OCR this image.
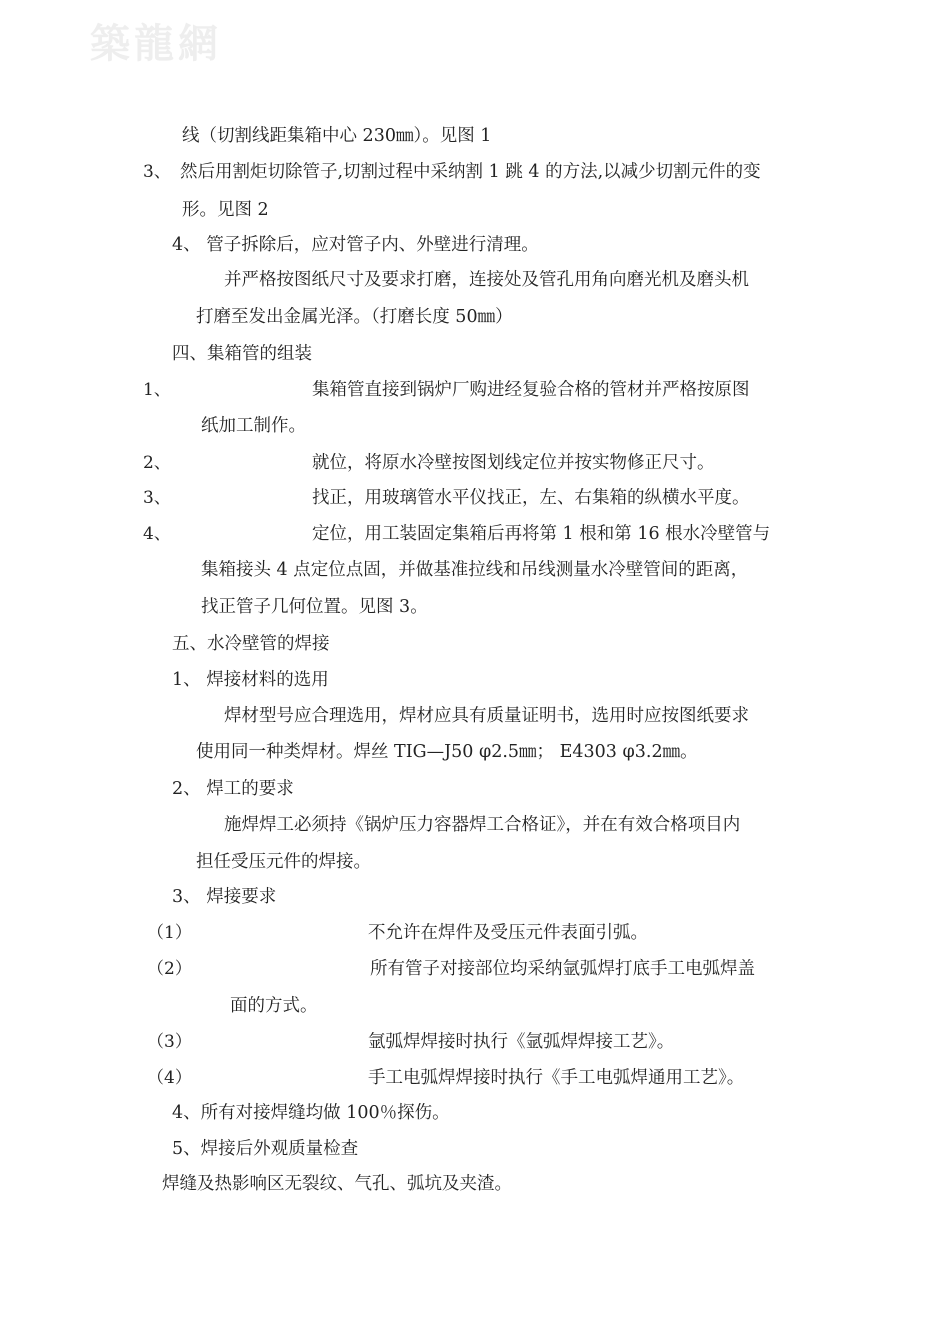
築龍網
线（切割线距集箱中心 230㎜）。见图 1
3、 然后用割炬切除管子,切割过程中采纳割 1 跳 4 的方法,以减少切割元件的变
形。见图 2
4、 管子拆除后，应对管子内、外壁进行清理。
并严格按图纸尺寸及要求打磨，连接处及管孔用角向磨光机及磨头机
打磨至发出金属光泽。（打磨长度 50㎜）
四、集箱管的组装
1、	集箱管直接到锅炉厂购进经复验合格的管材并严格按原图
纸加工制作。
2、	就位，将原水冷壁按图划线定位并按实物修正尺寸。
3、	找正，用玻璃管水平仪找正，左、右集箱的纵横水平度。
4、	定位，用工装固定集箱后再将第 1 根和第 16 根水冷壁管与
集箱接头 4 点定位点固，并做基准拉线和吊线测量水冷壁管间的距离，
找正管子几何位置。见图 3。
五、水冷壁管的焊接
1、 焊接材料的选用
焊材型号应合理选用，焊材应具有质量证明书，选用时应按图纸要求
使用同一种类焊材。焊丝 TIG—J50 φ2.5㎜； E4303 φ3.2㎜。
2、 焊工的要求
施焊焊工必须持《锅炉压力容器焊工合格证》，并在有效合格项目内
担任受压元件的焊接。
3、 焊接要求
（1）	不允许在焊件及受压元件表面引弧。
（2）	所有管子对接部位均采纳氩弧焊打底手工电弧焊盖
面的方式。
（3）	氩弧焊焊接时执行《氩弧焊焊接工艺》。
（4）	手工电弧焊焊接时执行《手工电弧焊通用工艺》。
4、所有对接焊缝均做 100％探伤。
5、焊接后外观质量检查
焊缝及热影响区无裂纹、气孔、弧坑及夹渣。
